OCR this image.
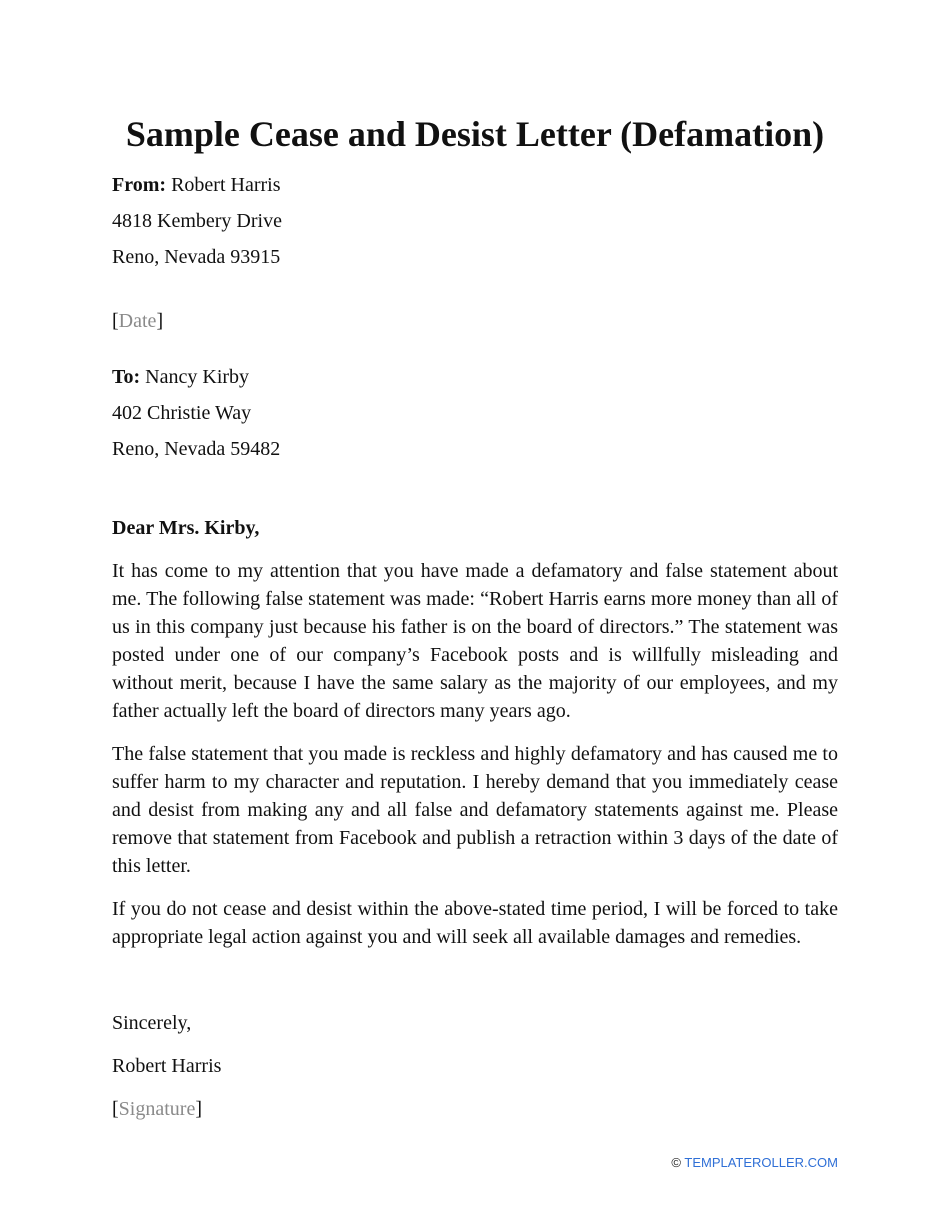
Sample Cease and Desist Letter (Defamation)
From: Robert Harris
4818 Kembery Drive
Reno, Nevada 93915
[Date]
To: Nancy Kirby
402 Christie Way
Reno, Nevada 59482
Dear Mrs. Kirby,

It has come to my attention that you have made a defamatory and false statement about me. The following false statement was made: “Robert Harris earns more money than all of us in this company just because his father is on the board of directors.” The statement was posted under one of our company’s Facebook posts and is willfully misleading and without merit, because I have the same salary as the majority of our employees, and my father actually left the board of directors many years ago.

The false statement that you made is reckless and highly defamatory and has caused me to suffer harm to my character and reputation. I hereby demand that you immediately cease and desist from making any and all false and defamatory statements against me. Please remove that statement from Facebook and publish a retraction within 3 days of the date of this letter.

If you do not cease and desist within the above-stated time period, I will be forced to take appropriate legal action against you and will seek all available damages and remedies.

Sincerely,
Robert Harris
[Signature]
© TEMPLATEROLLER.COM
